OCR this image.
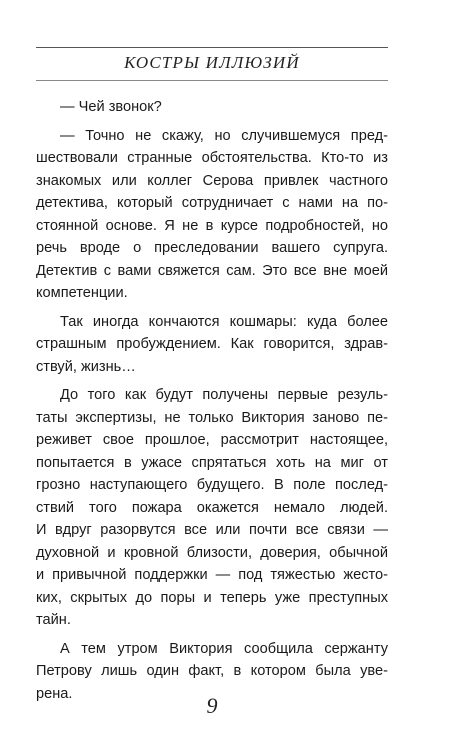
КОСТРЫ ИЛЛЮЗИЙ
— Чей звонок?
— Точно не скажу, но случившемуся пред-
шествовали странные обстоятельства. Кто-то из
знакомых или коллег Серова привлек частного
детектива, который сотрудничает с нами на по-
стоянной основе. Я не в курсе подробностей, но
речь вроде о преследовании вашего супруга.
Детектив с вами свяжется сам. Это все вне моей
компетенции.
Так иногда кончаются кошмары: куда более
страшным пробуждением. Как говорится, здрав-
ствуй, жизнь…
До того как будут получены первые резуль-
таты экспертизы, не только Виктория заново пе-
реживет свое прошлое, рассмотрит настоящее,
попытается в ужасе спрятаться хоть на миг от
грозно наступающего будущего. В поле послед-
ствий того пожара окажется немало людей.
И вдруг разорвутся все или почти все связи —
духовной и кровной близости, доверия, обычной
и привычной поддержки — под тяжестью жесто-
ких, скрытых до поры и теперь уже преступных
тайн.
А тем утром Виктория сообщила сержанту
Петрову лишь один факт, в котором была уве-
рена.	9
